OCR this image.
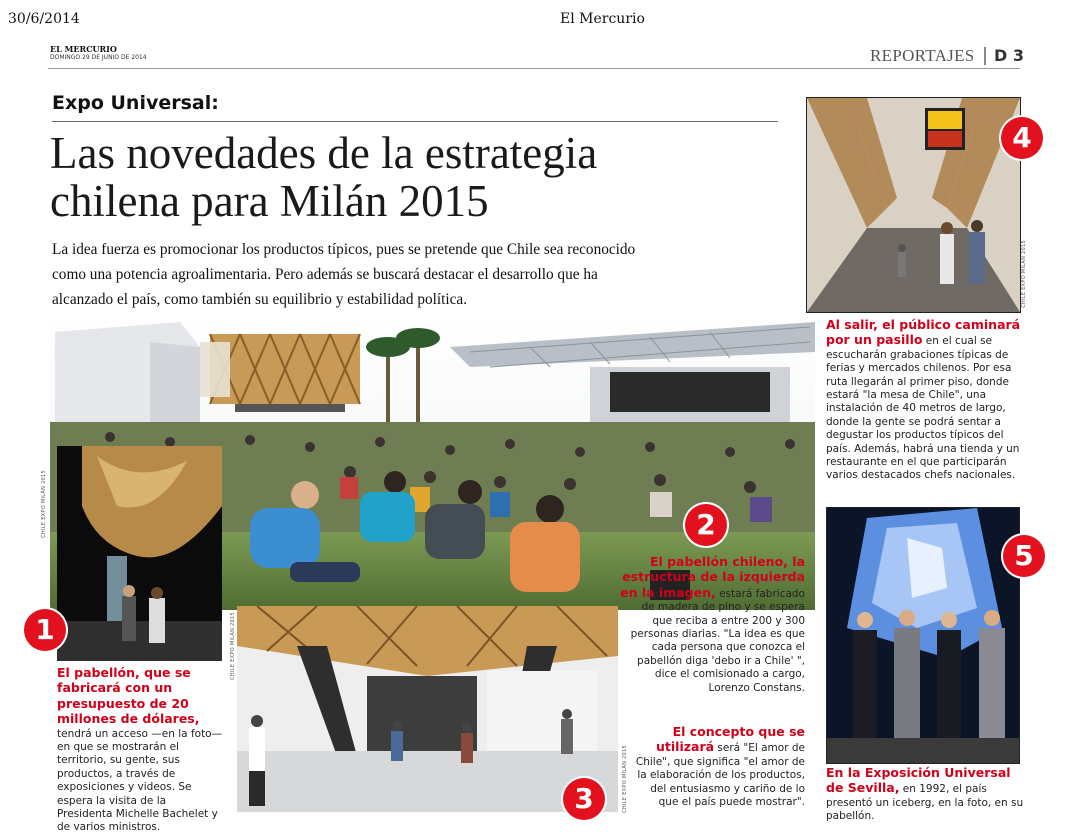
30/6/2014	El Mercurio
EL MERCURIO
DOMINGO 29 DE JUNIO DE 2014	REPORTAJES D 3
Expo Universal:
Las novedades de la estrategia
chilena para Milán 2015
La idea fuerza es promocionar los productos típicos, pues se pretende que Chile sea reconocido
como una potencia agroalimentaria. Pero además se buscará destacar el desarrollo que ha
alcanzado el país, como también su equilibrio y estabilidad política.
CHILE EXPO MILÁN 2015
CHILE EXPO MILÁN 2015
CHILE EXPO MILÁN 2015
CHILE EXPO MILÁN 2015
1
2
3
4
5
El pabellón, que se fabricará con un presupuesto de 20 millones de dólares, tendrá un acceso —en la foto— en que se mostrarán el territorio, su gente, sus productos, a través de exposiciones y videos. Se espera la visita de la Presidenta Michelle Bachelet y de varios ministros.
El pabellón chileno, la estructura de la izquierda en la imagen, estará fabricado de madera de pino y se espera que reciba a entre 200 y 300 personas diarias. "La idea es que cada persona que conozca el pabellón diga 'debo ir a Chile' ", dice el comisionado a cargo, Lorenzo Constans.
El concepto que se utilizará será "El amor de Chile", que significa "el amor de la elaboración de los productos, del entusiasmo y cariño de lo que el país puede mostrar".
Al salir, el público caminará por un pasillo en el cual se escucharán grabaciones típicas de ferias y mercados chilenos. Por esa ruta llegarán al primer piso, donde estará "la mesa de Chile", una instalación de 40 metros de largo, donde la gente se podrá sentar a degustar los productos típicos del país. Además, habrá una tienda y un restaurante en el que participarán varios destacados chefs nacionales.
En la Exposición Universal de Sevilla, en 1992, el país presentó un iceberg, en la foto, en su pabellón.
